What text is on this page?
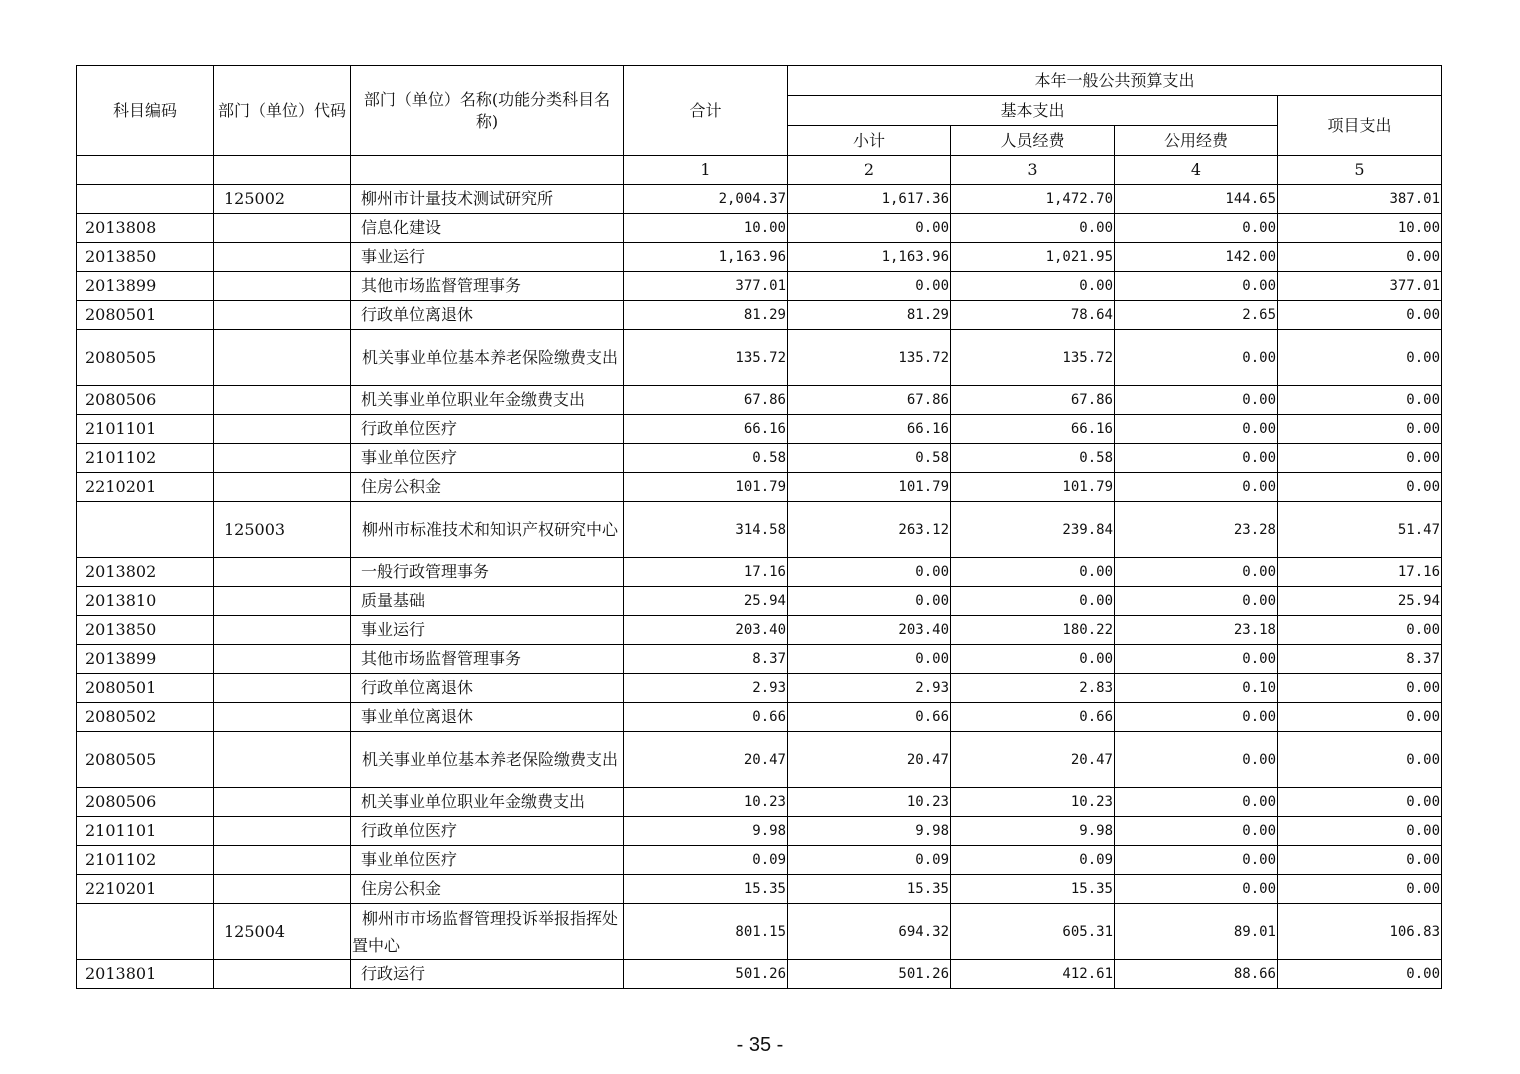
科目编码	部门（单位）代码	部门（单位）名称(功能分类科目名称)	合计	本年一般公共预算支出			
				基本支出			项目支出
				小计	人员经费	公用经费	
			1	2	3	4	5
	125002	柳州市计量技术测试研究所	2,004.37	1,617.36	1,472.70	144.65	387.01
2013808		信息化建设	10.00	0.00	0.00	0.00	10.00
2013850		事业运行	1,163.96	1,163.96	1,021.95	142.00	0.00
2013899		其他市场监督管理事务	377.01	0.00	0.00	0.00	377.01
2080501		行政单位离退休	81.29	81.29	78.64	2.65	0.00
2080505		机关事业单位基本养老保险缴费支出	135.72	135.72	135.72	0.00	0.00
2080506		机关事业单位职业年金缴费支出	67.86	67.86	67.86	0.00	0.00
2101101		行政单位医疗	66.16	66.16	66.16	0.00	0.00
2101102		事业单位医疗	0.58	0.58	0.58	0.00	0.00
2210201		住房公积金	101.79	101.79	101.79	0.00	0.00
	125003	柳州市标准技术和知识产权研究中心	314.58	263.12	239.84	23.28	51.47
2013802		一般行政管理事务	17.16	0.00	0.00	0.00	17.16
2013810		质量基础	25.94	0.00	0.00	0.00	25.94
2013850		事业运行	203.40	203.40	180.22	23.18	0.00
2013899		其他市场监督管理事务	8.37	0.00	0.00	0.00	8.37
2080501		行政单位离退休	2.93	2.93	2.83	0.10	0.00
2080502		事业单位离退休	0.66	0.66	0.66	0.00	0.00
2080505		机关事业单位基本养老保险缴费支出	20.47	20.47	20.47	0.00	0.00
2080506		机关事业单位职业年金缴费支出	10.23	10.23	10.23	0.00	0.00
2101101		行政单位医疗	9.98	9.98	9.98	0.00	0.00
2101102		事业单位医疗	0.09	0.09	0.09	0.00	0.00
2210201		住房公积金	15.35	15.35	15.35	0.00	0.00
	125004	柳州市市场监督管理投诉举报指挥处置中心	801.15	694.32	605.31	89.01	106.83
2013801		行政运行	501.26	501.26	412.61	88.66	0.00
- 35 -
